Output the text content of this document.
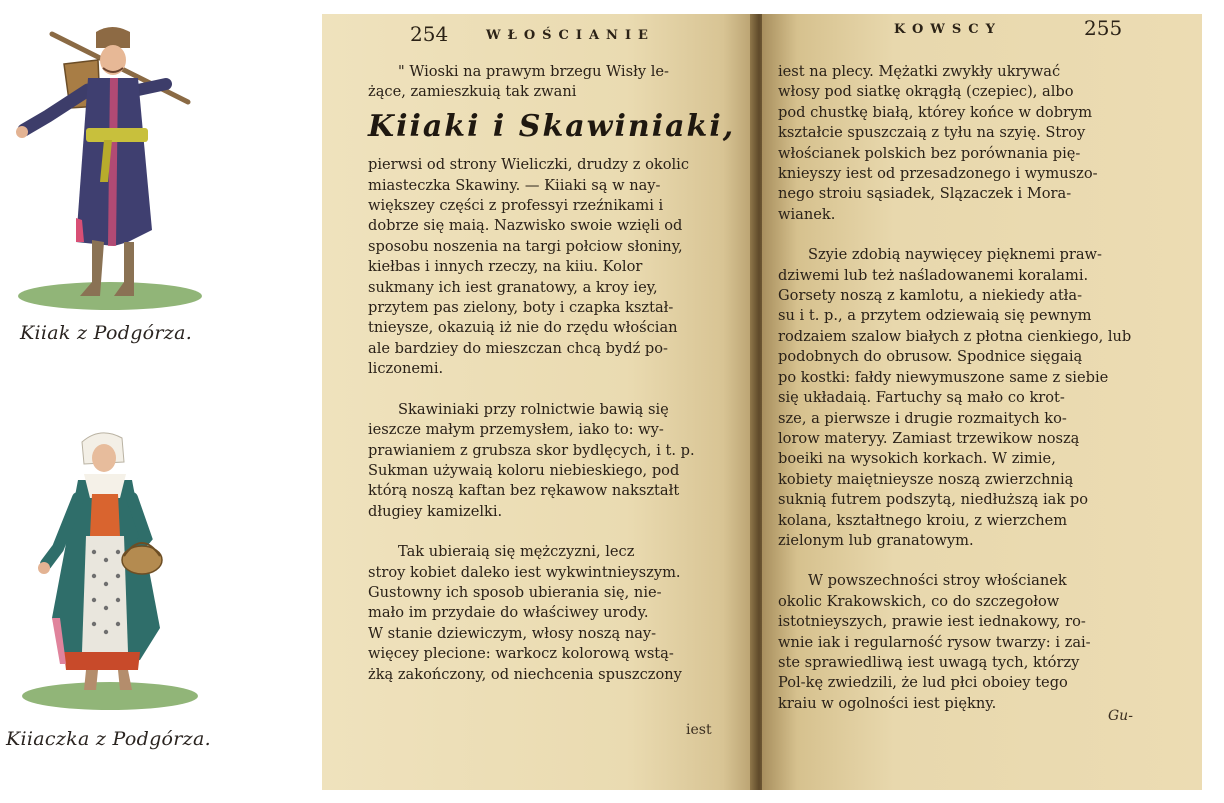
Kiiak z Podgórza.
Kiiaczka z Podgórza.
254	WŁOŚCIANIE

" Wioski na prawym brzegu Wisły le-

żące, zamieszkuią tak zwani

Kiiaki i Skawiniaki,

pierwsi od strony Wieliczki, drudzy z okolic

miasteczka Skawiny. — Kiiaki są w nay-

większey części z professyi rzeźnikami i

dobrze się maią. Nazwisko swoie wzięli od

sposobu noszenia na targi połciow słoniny,

kiełbas i innych rzeczy, na kiiu. Kolor

sukmany ich iest granatowy, a kroy iey,

przytem pas zielony, boty i czapka kształ-

tnieysze, okazuią iż nie do rzędu włościan

ale bardziey do mieszczan chcą bydź po-

liczonemi.

Skawiniaki przy rolnictwie bawią się

ieszcze małym przemysłem, iako to: wy-

prawianiem z grubsza skor bydlęcych, i t. p.

Sukman używaią koloru niebieskiego, pod

którą noszą kaftan bez rękawow nakształt

długiey kamizelki.

Tak ubieraią się mężczyzni, lecz

stroy kobiet daleko iest wykwintnieyszym.

Gustowny ich sposob ubierania się, nie-

mało im przydaie do właściwey urody.

W stanie dziewiczym, włosy noszą nay-

więcey plecione: warkocz kolorową wstą-

żką zakończony, od niechcenia spuszczony

iest
KOWSCY	255

iest na plecy. Mężatki zwykły ukrywać

włosy pod siatkę okrągłą (czepiec), albo

pod chustkę białą, którey końce w dobrym

kształcie spuszczaią z tyłu na szyię. Stroy

włościanek polskich bez porównania pię-

knieyszy iest od przesadzonego i wymuszo-

nego stroiu sąsiadek, Slązaczek i Mora-

wianek.

Szyie zdobią naywięcey pięknemi praw-

dziwemi lub też naśladowanemi koralami.

Gorsety noszą z kamlotu, a niekiedy atła-

su i t. p., a przytem odziewaią się pewnym

rodzaiem szalow białych z płotna cienkiego, lub

podobnych do obrusow. Spodnice sięgaią

po kostki: fałdy niewymuszone same z siebie

się układaią. Fartuchy są mało co krot-

sze, a pierwsze i drugie rozmaitych ko-

lorow materyy. Zamiast trzewikow noszą

boeiki na wysokich korkach. W zimie,

kobiety maiętnieysze noszą zwierzchnią

suknią futrem podszytą, niedłuższą iak po

kolana, kształtnego kroiu, z wierzchem

zielonym lub granatowym.

W powszechności stroy włościanek

okolic Krakowskich, co do szczegołow

istotnieyszych, prawie iest iednakowy, ro-

wnie iak i regularność rysow twarzy: i zai-

ste sprawiedliwą iest uwagą tych, którzy

Pol-kę zwiedzili, że lud płci oboiey tego

kraiu w ogolności iest piękny.

Gu-
